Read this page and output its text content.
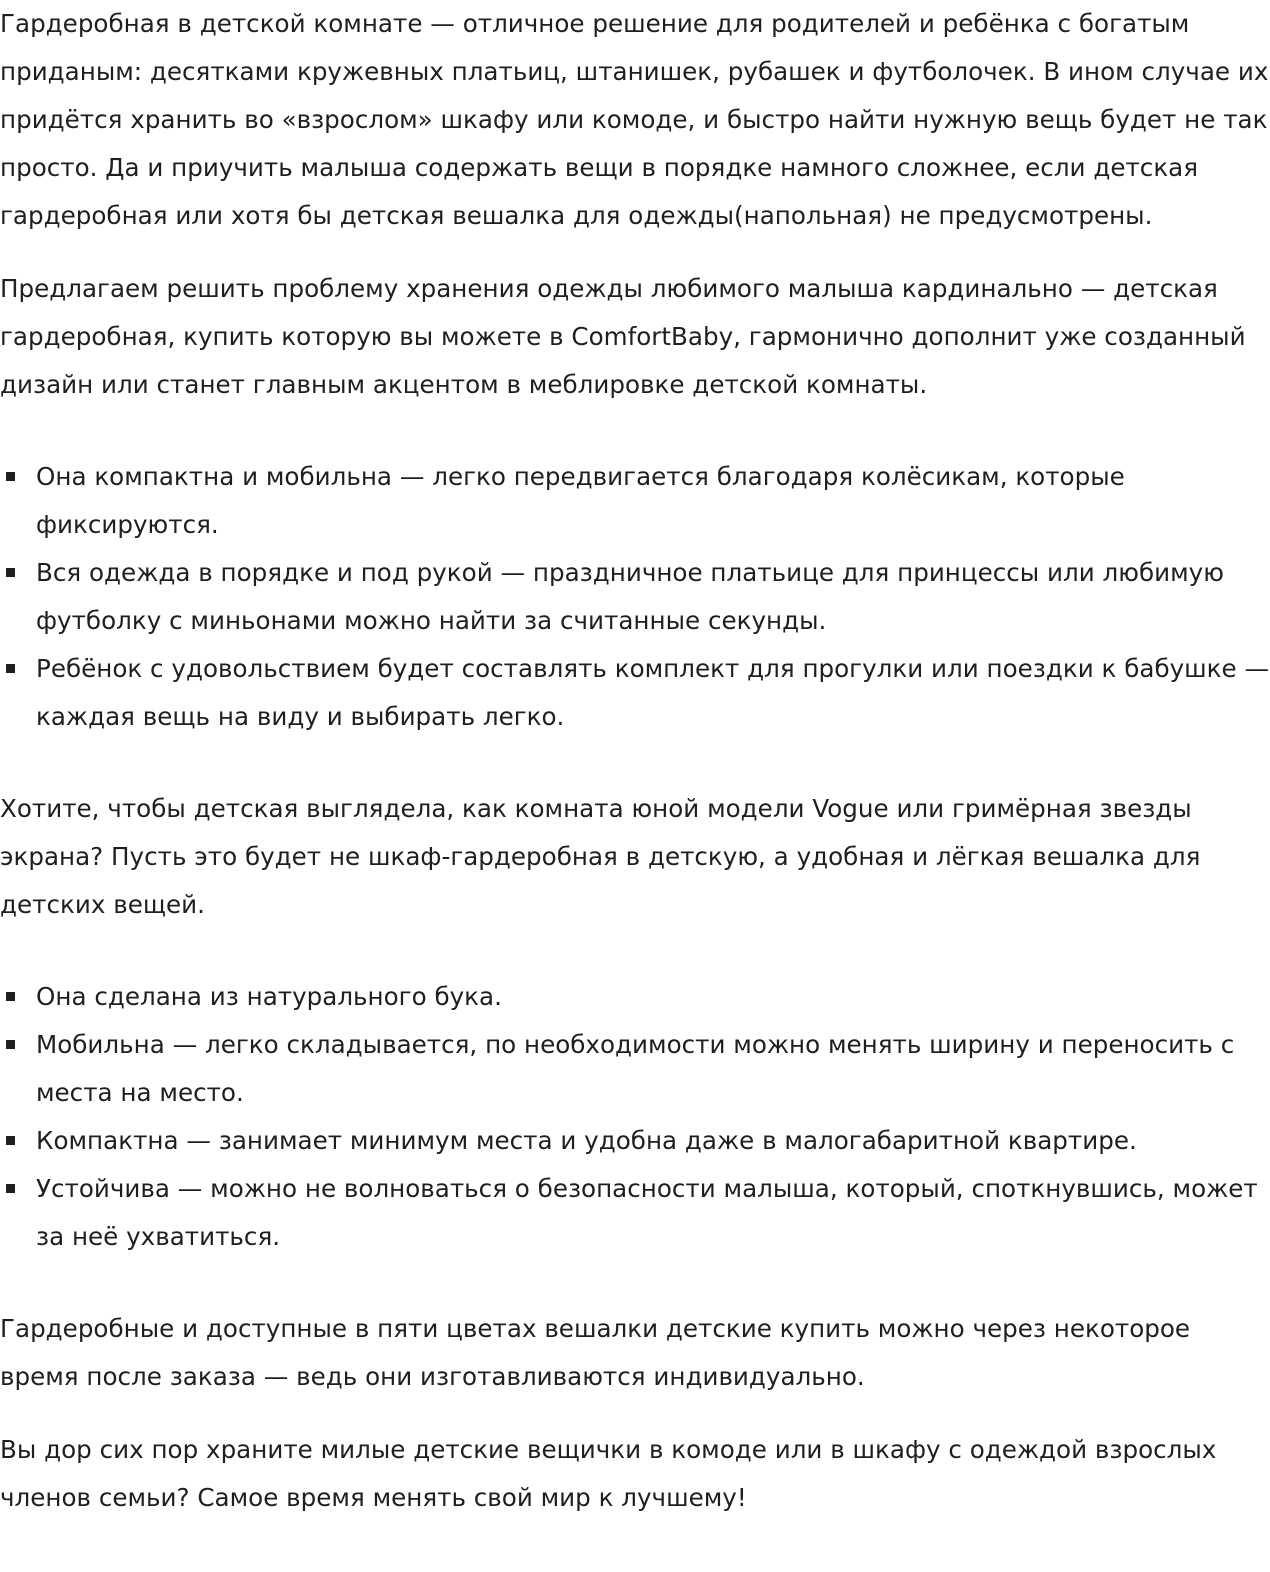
Гардеробная в детской комнате — отличное решение для родителей и ребёнка с богатым приданым: десятками кружевных платьиц, штанишек, рубашек и футболочек. В ином случае их придётся хранить во «взрослом» шкафу или комоде, и быстро найти нужную вещь будет не так просто. Да и приучить малыша содержать вещи в порядке намного сложнее, если детская гардеробная или хотя бы детская вешалка для одежды(напольная) не предусмотрены.

Предлагаем решить проблему хранения одежды любимого малыша кардинально — детская гардеробная, купить которую вы можете в ComfortBaby, гармонично дополнит уже созданный дизайн или станет главным акцентом в меблировке детской комнаты.

Она компактна и мобильна — легко передвигается благодаря колёсикам, которые фиксируются.
Вся одежда в порядке и под рукой — праздничное платьице для принцессы или любимую футболку с миньонами можно найти за считанные секунды.
Ребёнок с удовольствием будет составлять комплект для прогулки или поездки к бабушке — каждая вещь на виду и выбирать легко.

Хотите, чтобы детская выглядела, как комната юной модели Vogue или гримёрная звезды экрана? Пусть это будет не шкаф-гардеробная в детскую, а удобная и лёгкая вешалка для детских вещей.

Она сделана из натурального бука.
Мобильна — легко складывается, по необходимости можно менять ширину и переносить с места на место.
Компактна — занимает минимум места и удобна даже в малогабаритной квартире.
Устойчива — можно не волноваться о безопасности малыша, который, споткнувшись, может за неё ухватиться.

Гардеробные и доступные в пяти цветах вешалки детские купить можно через некоторое время после заказа — ведь они изготавливаются индивидуально.

Вы дор сих пор храните милые детские вещички в комоде или в шкафу с одеждой взрослых членов семьи? Самое время менять свой мир к лучшему!
